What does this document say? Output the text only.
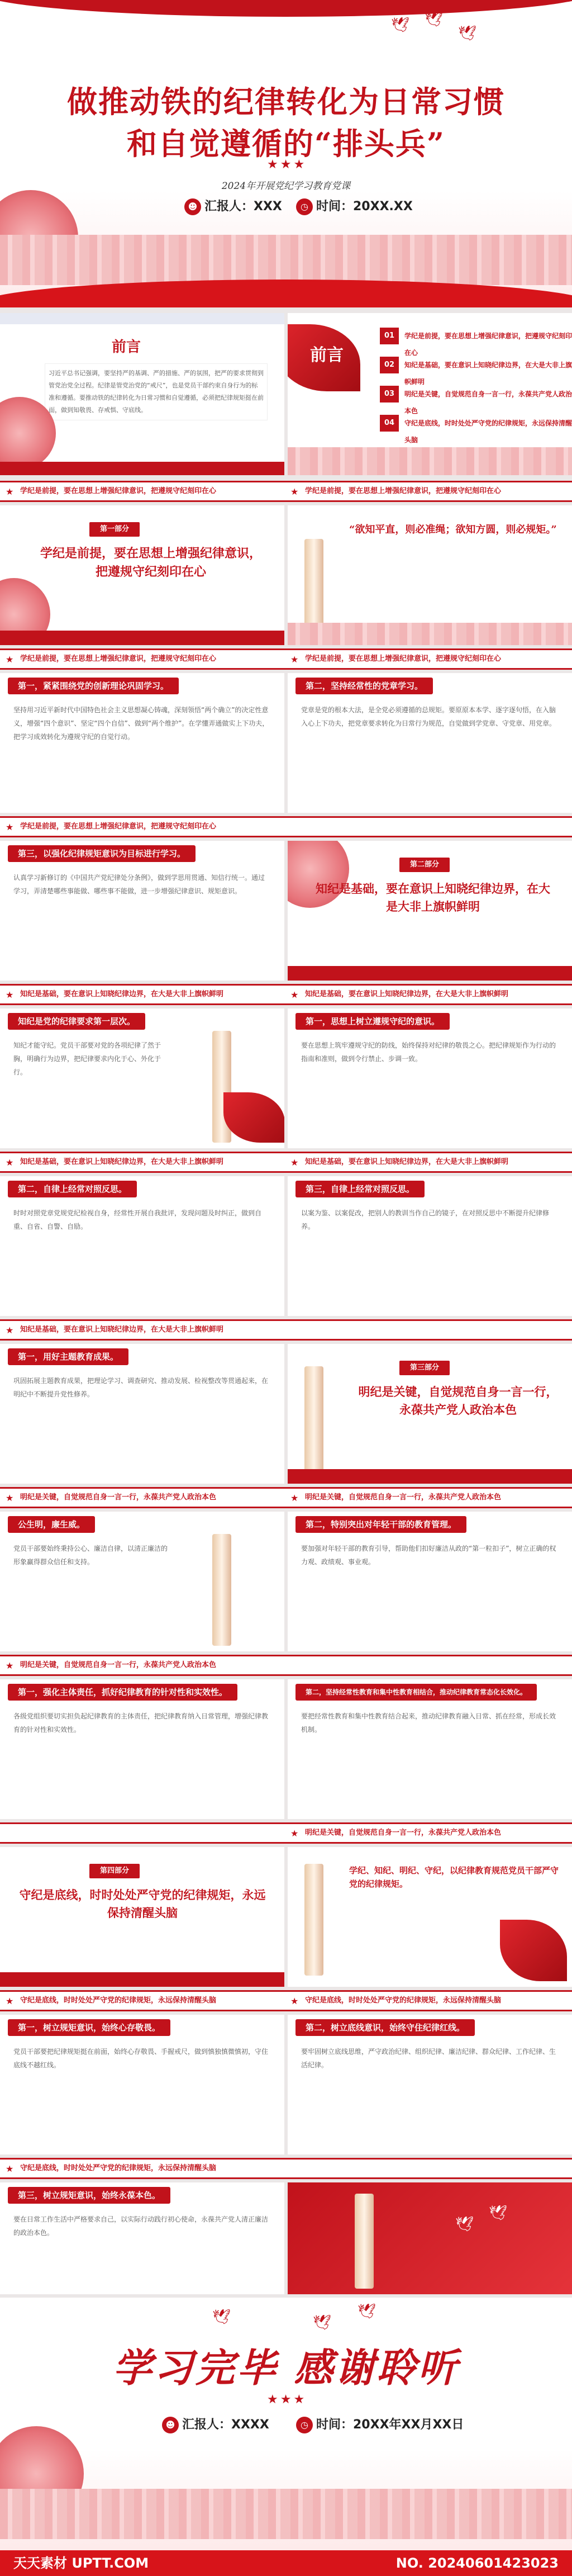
🕊 🕊
🕊
做推动铁的纪律转化为日常习惯
和自觉遵循的“排头兵”
★★★
2024年开展党纪学习教育党课
☻ 汇报人：XXX	◷ 时间：20XX.XX
前言
习近平总书记强调，要坚持严的基调、严的措施、严的氛围，把严的要求贯彻到管党治党全过程。纪律是管党治党的“戒尺”，也是党员干部约束自身行为的标准和遵循。要推动铁的纪律转化为日常习惯和自觉遵循，必须把纪律规矩挺在前面，做到知敬畏、存戒惧、守底线。
前言
01	学纪是前提，要在思想上增强纪律意识，把遵规守纪刻印在心
02	知纪是基础，要在意识上知晓纪律边界，在大是大非上旗帜鲜明
03	明纪是关键，自觉规范自身一言一行，永葆共产党人政治本色
04	守纪是底线，时时处处严守党的纪律规矩，永远保持清醒头脑
★ 学纪是前提，要在思想上增强纪律意识，把遵规守纪刻印在心	★ 学纪是前提，要在思想上增强纪律意识，把遵规守纪刻印在心
第一部分
学纪是前提，要在思想上增强纪律意识，把遵规守纪刻印在心
“欲知平直，则必准绳；欲知方圆，则必规矩。”
★ 学纪是前提，要在思想上增强纪律意识，把遵规守纪刻印在心	★ 学纪是前提，要在思想上增强纪律意识，把遵规守纪刻印在心
第一，紧紧围绕党的创新理论巩固学习。
坚持用习近平新时代中国特色社会主义思想凝心铸魂，深刻领悟“两个确立”的决定性意义，增强“四个意识”、坚定“四个自信”、做到“两个维护”。在学懂弄通做实上下功夫，把学习成效转化为遵规守纪的自觉行动。
第二，坚持经常性的党章学习。
党章是党的根本大法，是全党必须遵循的总规矩。要原原本本学、逐字逐句悟，在入脑入心上下功夫，把党章要求转化为日常行为规范，自觉做到学党章、守党章、用党章。
★ 学纪是前提，要在思想上增强纪律意识，把遵规守纪刻印在心
第三，以强化纪律规矩意识为目标进行学习。
认真学习新修订的《中国共产党纪律处分条例》，做到学思用贯通、知信行统一。通过学习，弄清楚哪些事能做、哪些事不能做，进一步增强纪律意识、规矩意识。
第二部分
知纪是基础，要在意识上知晓纪律边界，在大是大非上旗帜鲜明
★ 知纪是基础，要在意识上知晓纪律边界，在大是大非上旗帜鲜明	★ 知纪是基础，要在意识上知晓纪律边界，在大是大非上旗帜鲜明
知纪是党的纪律要求第一层次。
知纪才能守纪。党员干部要对党的各项纪律了然于胸，明确行为边界，把纪律要求内化于心、外化于行。
第一，思想上树立遵规守纪的意识。
要在思想上筑牢遵规守纪的防线，始终保持对纪律的敬畏之心。把纪律规矩作为行动的指南和准则，做到令行禁止、步调一致。
★ 知纪是基础，要在意识上知晓纪律边界，在大是大非上旗帜鲜明	★ 知纪是基础，要在意识上知晓纪律边界，在大是大非上旗帜鲜明
第二，自律上经常对照反思。
时时对照党章党规党纪检视自身，经常性开展自我批评，发现问题及时纠正，做到自重、自省、自警、自励。
第三，自律上经常对照反思。
以案为鉴、以案促改，把别人的教训当作自己的镜子，在对照反思中不断提升纪律修养。
★ 知纪是基础，要在意识上知晓纪律边界，在大是大非上旗帜鲜明
第一，用好主题教育成果。
巩固拓展主题教育成果，把理论学习、调查研究、推动发展、检视整改等贯通起来，在明纪中不断提升党性修养。
第三部分
明纪是关键，自觉规范自身一言一行，永葆共产党人政治本色
★ 明纪是关键，自觉规范自身一言一行，永葆共产党人政治本色	★ 明纪是关键，自觉规范自身一言一行，永葆共产党人政治本色
公生明，廉生威。
党员干部要始终秉持公心、廉洁自律，以清正廉洁的形象赢得群众信任和支持。
第二，特别突出对年轻干部的教育管理。
要加强对年轻干部的教育引导，帮助他们扣好廉洁从政的“第一粒扣子”，树立正确的权力观、政绩观、事业观。
★ 明纪是关键，自觉规范自身一言一行，永葆共产党人政治本色
第一，强化主体责任，抓好纪律教育的针对性和实效性。
各级党组织要切实担负起纪律教育的主体责任，把纪律教育纳入日常管理，增强纪律教育的针对性和实效性。
第二，坚持经常性教育和集中性教育相结合，推动纪律教育常态化长效化。
要把经常性教育和集中性教育结合起来，推动纪律教育融入日常、抓在经常，形成长效机制。
★ 明纪是关键，自觉规范自身一言一行，永葆共产党人政治本色
第四部分
守纪是底线，时时处处严守党的纪律规矩，永远保持清醒头脑
学纪、知纪、明纪、守纪，以纪律教育规范党员干部严守党的纪律规矩。
★ 守纪是底线，时时处处严守党的纪律规矩，永远保持清醒头脑	★ 守纪是底线，时时处处严守党的纪律规矩，永远保持清醒头脑
第一，树立规矩意识，始终心存敬畏。
党员干部要把纪律规矩挺在前面，始终心存敬畏、手握戒尺，做到慎独慎微慎初，守住底线不越红线。
第二，树立底线意识，始终守住纪律红线。
要牢固树立底线思维，严守政治纪律、组织纪律、廉洁纪律、群众纪律、工作纪律、生活纪律。
★ 守纪是底线，时时处处严守党的纪律规矩，永远保持清醒头脑
第三，树立规矩意识，始终永葆本色。
要在日常工作生活中严格要求自己，以实际行动践行初心使命，永葆共产党人清正廉洁的政治本色。	🕊
🕊
🕊	🕊
🕊
学习完毕 感谢聆听
★★★
☻ 汇报人：XXXX	◷ 时间：20XX年XX月XX日
天天素材 UPTT.COM	NO. 20240601423023
